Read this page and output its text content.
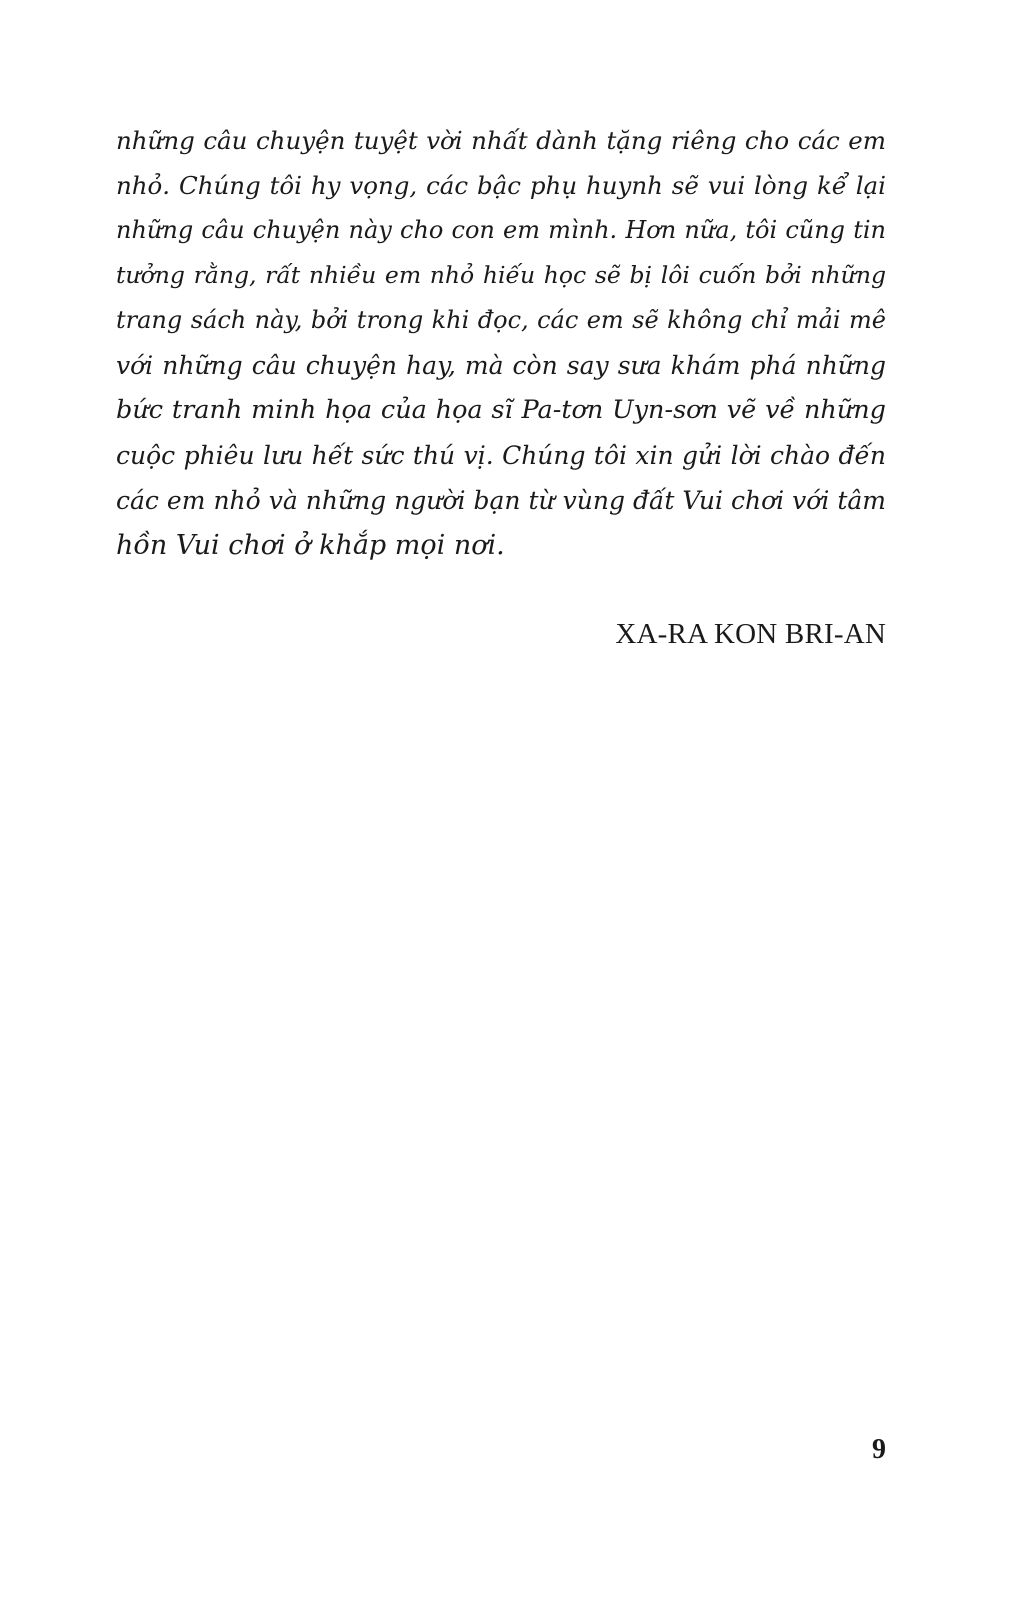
những câu chuyện tuyệt vời nhất dành tặng riêng cho các em
nhỏ. Chúng tôi hy vọng, các bậc phụ huynh sẽ vui lòng kể lại
những câu chuyện này cho con em mình. Hơn nữa, tôi cũng tin
tưởng rằng, rất nhiều em nhỏ hiếu học sẽ bị lôi cuốn bởi những
trang sách này, bởi trong khi đọc, các em sẽ không chỉ mải mê
với những câu chuyện hay, mà còn say sưa khám phá những
bức tranh minh họa của họa sĩ Pa-tơn Uyn-sơn vẽ về những
cuộc phiêu lưu hết sức thú vị. Chúng tôi xin gửi lời chào đến
các em nhỏ và những người bạn từ vùng đất Vui chơi với tâm
hồn Vui chơi ở khắp mọi nơi.
XA-RA KON BRI-AN
9
